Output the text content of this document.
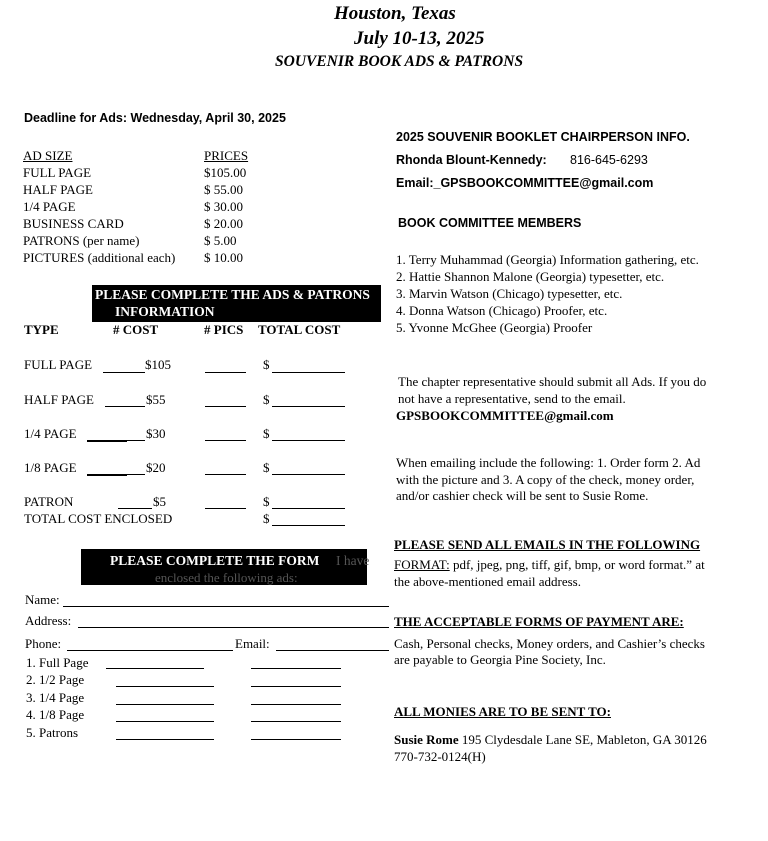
Houston, Texas
July 10-13, 2025
SOUVENIR BOOK ADS & PATRONS
Deadline for Ads: Wednesday, April 30, 2025
AD SIZE	PRICES
FULL PAGE	$105.00
HALF PAGE	$ 55.00
1/4 PAGE	$ 30.00
BUSINESS CARD	$ 20.00
PATRONS (per name)	$ 5.00
PICTURES (additional each) $ 10.00
PLEASE COMPLETE THE ADS & PATRONS
INFORMATION
TYPE	# COST	# PICS TOTAL COST
FULL PAGE	$105	$
HALF PAGE	$55	$
1/4 PAGE	$30	$
1/8 PAGE	$20	$
PATRON	$5	$
TOTAL COST ENCLOSED	$
PLEASE COMPLETE THE FORM I have
enclosed the following ads:
Name:
Address:
Phone:	Email:
1. Full Page
2. 1/2 Page
3. 1/4 Page
4. 1/8 Page
5. Patrons
2025 SOUVENIR BOOKLET CHAIRPERSON INFO.
Rhonda Blount-Kennedy: 816-645-6293
Email:_GPSBOOKCOMMITTEE@gmail.com
BOOK COMMITTEE MEMBERS
1. Terry Muhammad (Georgia) Information gathering, etc.
2. Hattie Shannon Malone (Georgia) typesetter, etc.
3. Marvin Watson (Chicago) typesetter, etc.
4. Donna Watson (Chicago) Proofer, etc.
5. Yvonne McGhee (Georgia) Proofer
The chapter representative should submit all Ads. If you do
not have a representative, send to the email.
GPSBOOKCOMMITTEE@gmail.com
When emailing include the following: 1. Order form 2. Ad
with the picture and 3. A copy of the check, money order,
and/or cashier check will be sent to Susie Rome.
PLEASE SEND ALL EMAILS IN THE FOLLOWING
FORMAT: pdf, jpeg, png, tiff, gif, bmp, or word format.” at
the above-mentioned email address.
THE ACCEPTABLE FORMS OF PAYMENT ARE:
Cash, Personal checks, Money orders, and Cashier’s checks
are payable to Georgia Pine Society, Inc.
ALL MONIES ARE TO BE SENT TO:
Susie Rome 195 Clydesdale Lane SE, Mableton, GA 30126
770-732-0124(H)
